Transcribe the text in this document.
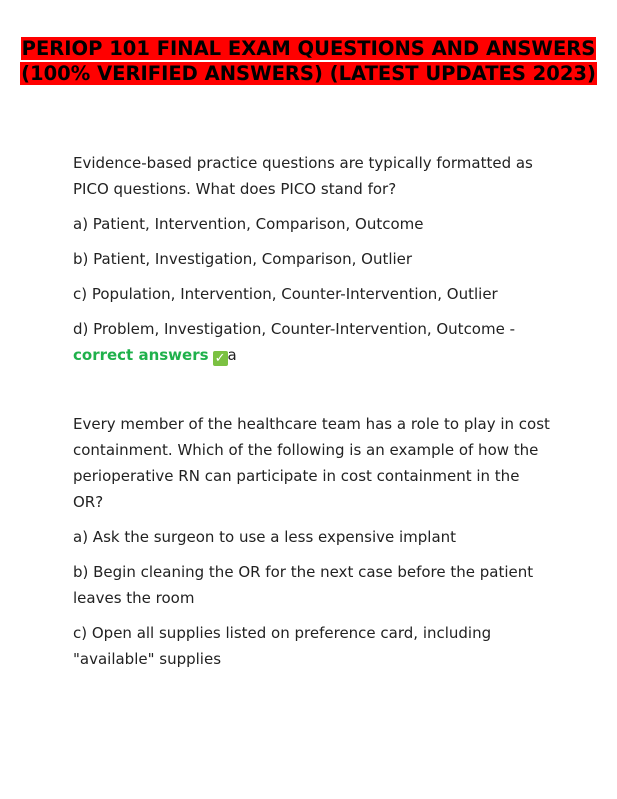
PERIOP 101 FINAL EXAM QUESTIONS AND ANSWERS (100% VERIFIED ANSWERS) (LATEST UPDATES 2023)

Evidence-based practice questions are typically formatted as PICO questions. What does PICO stand for?

a) Patient, Intervention, Comparison, Outcome

b) Patient, Investigation, Comparison, Outlier

c) Population, Intervention, Counter-Intervention, Outlier

d) Problem, Investigation, Counter-Intervention, Outcome -
correct answers ✓ a

Every member of the healthcare team has a role to play in cost containment. Which of the following is an example of how the perioperative RN can participate in cost containment in the OR?

a) Ask the surgeon to use a less expensive implant

b) Begin cleaning the OR for the next case before the patient leaves the room

c) Open all supplies listed on preference card, including "available" supplies
